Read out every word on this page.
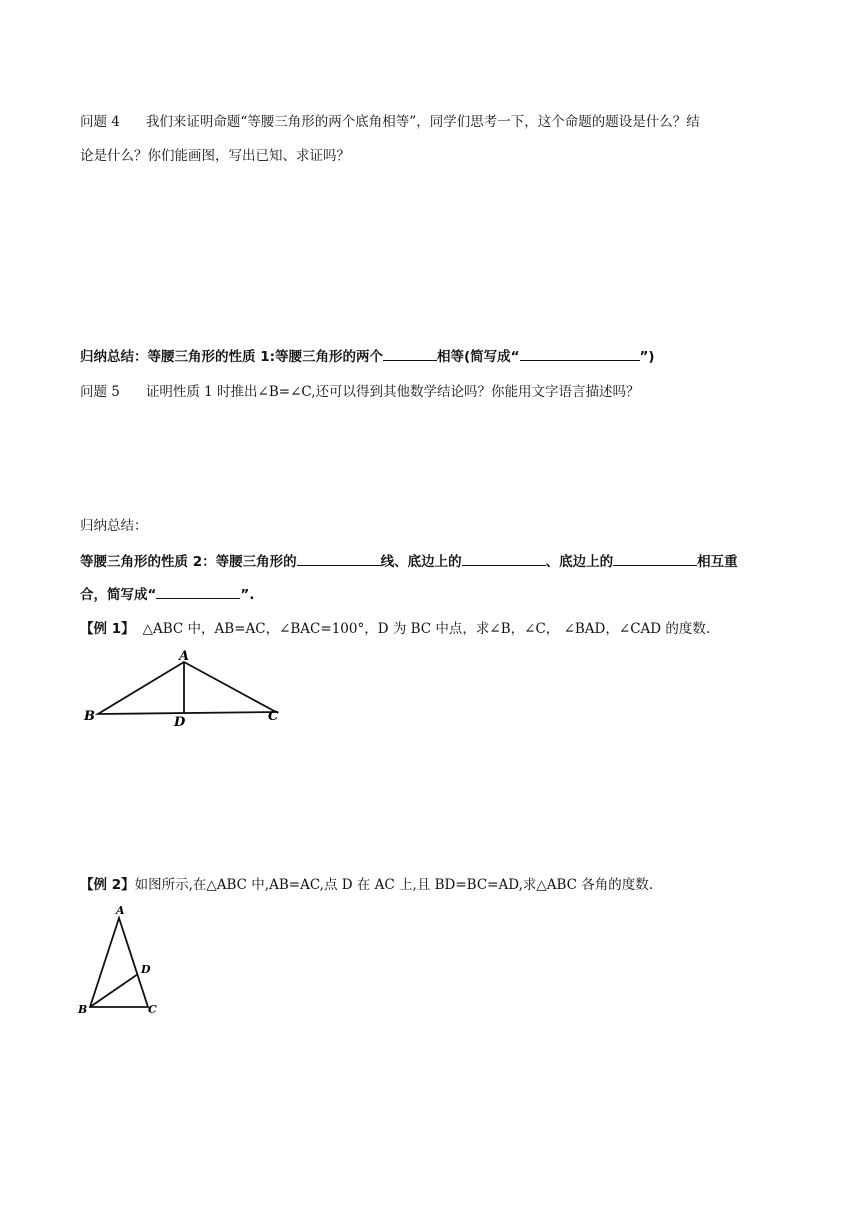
问题 4 我们来证明命题“等腰三角形的两个底角相等”，同学们思考一下，这个命题的题设是什么？结
论是什么？你们能画图，写出已知、求证吗？
归纳总结：等腰三角形的性质 1:等腰三角形的两个	相等(简写成“	”)
问题 5 证明性质 1 时推出∠B=∠C,还可以得到其他数学结论吗？你能用文字语言描述吗？
归纳总结：
等腰三角形的性质 2：等腰三角形的	线、底边上的	、底边上的	相互重
合，简写成“	”.
【例 1】 △ABC 中，AB=AC，∠BAC=100°，D 为 BC 中点，求∠B，∠C， ∠BAD，∠CAD 的度数.
A
B	D	C
【例 2】如图所示,在△ABC 中,AB=AC,点 D 在 AC 上,且 BD=BC=AD,求△ABC 各角的度数.
A
D
B	C
